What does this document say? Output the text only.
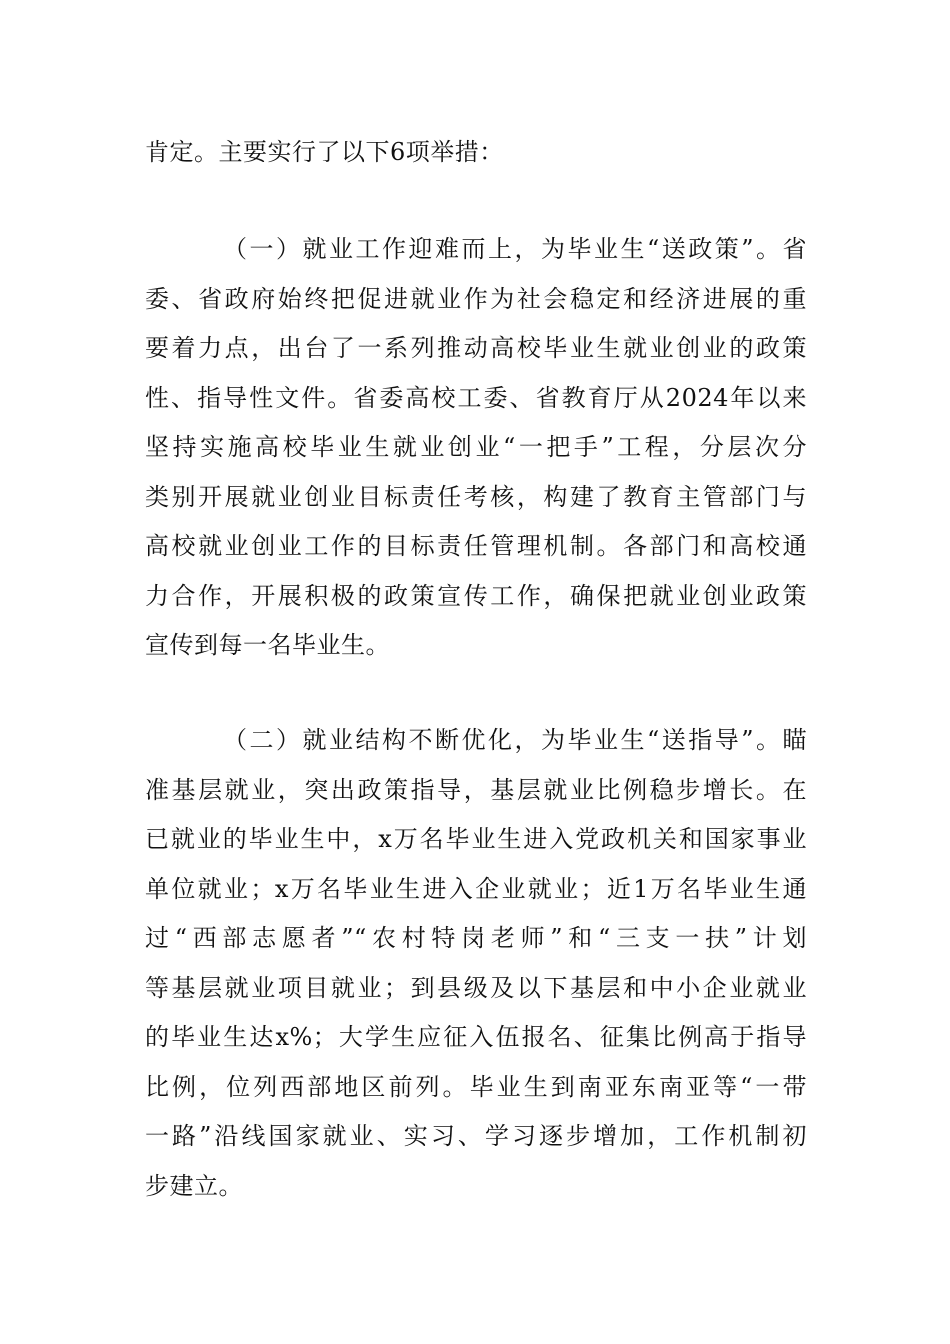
肯定。主要实行了以下6项举措：
（一）就业工作迎难而上，为毕业生“送政策”。省
委、省政府始终把促进就业作为社会稳定和经济进展的重
要着力点，出台了一系列推动高校毕业生就业创业的政策
性、指导性文件。省委高校工委、省教育厅从2024年以来
坚持实施高校毕业生就业创业“一把手”工程，分层次分
类别开展就业创业目标责任考核，构建了教育主管部门与
高校就业创业工作的目标责任管理机制。各部门和高校通
力合作，开展积极的政策宣传工作，确保把就业创业政策
宣传到每一名毕业生。
（二）就业结构不断优化，为毕业生“送指导”。瞄
准基层就业，突出政策指导，基层就业比例稳步增长。在
已就业的毕业生中，x万名毕业生进入党政机关和国家事业
单位就业；x万名毕业生进入企业就业；近1万名毕业生通
过“西部志愿者”“农村特岗老师”和“三支一扶”计划
等基层就业项目就业；到县级及以下基层和中小企业就业
的毕业生达x%；大学生应征入伍报名、征集比例高于指导
比例，位列西部地区前列。毕业生到南亚东南亚等“一带
一路”沿线国家就业、实习、学习逐步增加，工作机制初
步建立。
